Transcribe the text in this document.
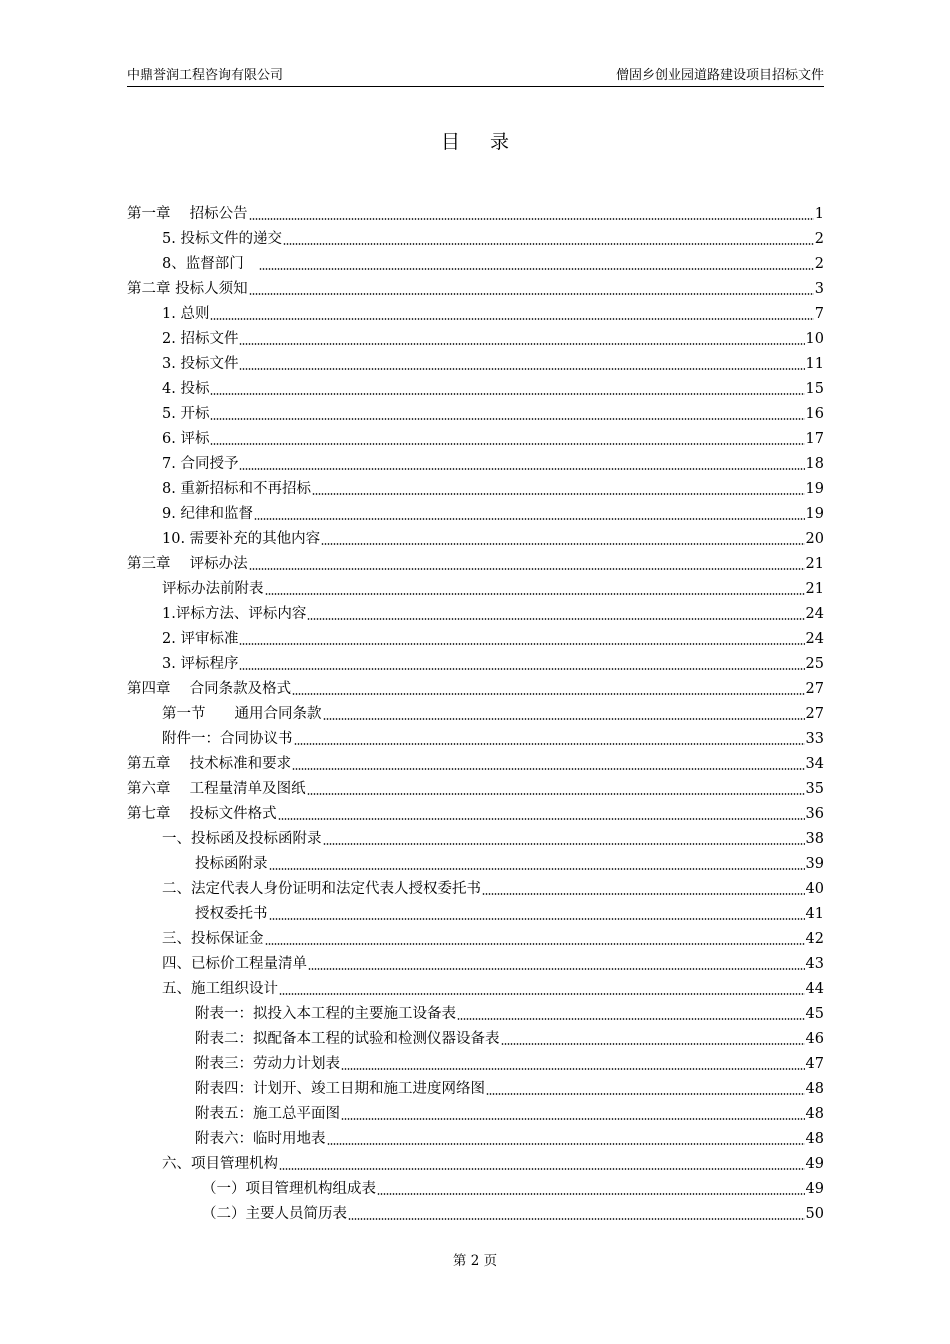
中鼎誉润工程咨询有限公司	僧固乡创业园道路建设项目招标文件
目录
第一章　 招标公告	1
5. 投标文件的递交	2
8、监督部门　	2
第二章 投标人须知	3
1. 总则	7
2. 招标文件	10
3. 投标文件	11
4. 投标	15
5. 开标	16
6. 评标	17
7. 合同授予	18
8. 重新招标和不再招标	19
9. 纪律和监督	19
10. 需要补充的其他内容	20
第三章　 评标办法	21
评标办法前附表	21
1.评标方法、评标内容	24
2. 评审标准	24
3. 评标程序	25
第四章　 合同条款及格式	27
第一节　　通用合同条款	27
附件一：合同协议书	33
第五章　 技术标准和要求	34
第六章　 工程量清单及图纸	35
第七章　 投标文件格式	36
一、投标函及投标函附录	38
投标函附录	39
二、法定代表人身份证明和法定代表人授权委托书	40
授权委托书	41
三、投标保证金	42
四、已标价工程量清单	43
五、施工组织设计	44
附表一：拟投入本工程的主要施工设备表	45
附表二：拟配备本工程的试验和检测仪器设备表	46
附表三：劳动力计划表	47
附表四：计划开、竣工日期和施工进度网络图	48
附表五：施工总平面图	48
附表六：临时用地表	48
六、项目管理机构	49
（一）项目管理机构组成表	49
（二）主要人员简历表	50
第 2 页
